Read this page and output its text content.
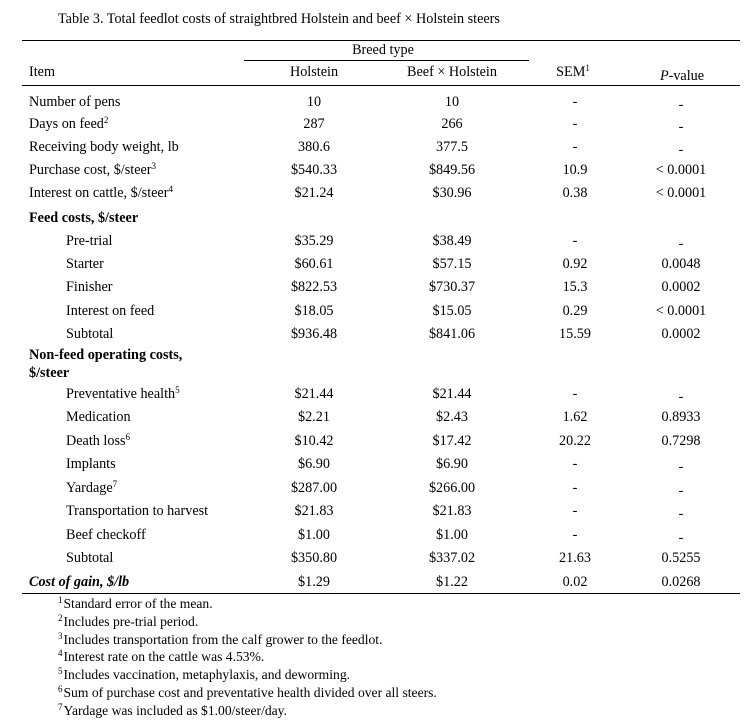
Table 3. Total feedlot costs of straightbred Holstein and beef × Holstein steers
Breed type
Item	Holstein	Beef × Holstein	SEM$^1$	P-value
Number of pens	10	10	-	-
Days on feed$^2$	287	266	-	-
Receiving body weight, lb	380.6	377.5	-	-
Purchase cost, $/steer$^3$	$540.33	$849.56	10.9	< 0.0001
Interest on cattle, $/steer$^4$	$21.24	$30.96	0.38	< 0.0001
Feed costs, $/steer
Pre-trial	$35.29	$38.49	-	-
Starter	$60.61	$57.15	0.92	0.0048
Finisher	$822.53	$730.37	15.3	0.0002
Interest on feed	$18.05	$15.05	0.29	< 0.0001
Subtotal	$936.48	$841.06	15.59	0.0002
Non-feed operating costs,
$/steer
Preventative health$^5$	$21.44	$21.44	-	-
Medication	$2.21	$2.43	1.62	0.8933
Death loss$^6$	$10.42	$17.42	20.22	0.7298
Implants	$6.90	$6.90	-	-
Yardage$^7$	$287.00	$266.00	-	-
Transportation to harvest	$21.83	$21.83	-	-
Beef checkoff	$1.00	$1.00	-	-
Subtotal	$350.80	$337.02	21.63	0.5255
Cost of gain, $/lb	$1.29	$1.22	0.02	0.0268
$^1$Standard error of the mean.
$^2$Includes pre-trial period.
$^3$Includes transportation from the calf grower to the feedlot.
$^4$Interest rate on the cattle was 4.53%.
$^5$Includes vaccination, metaphylaxis, and deworming.
$^6$Sum of purchase cost and preventative health divided over all steers.
$^7$Yardage was included as $1.00/steer/day.
